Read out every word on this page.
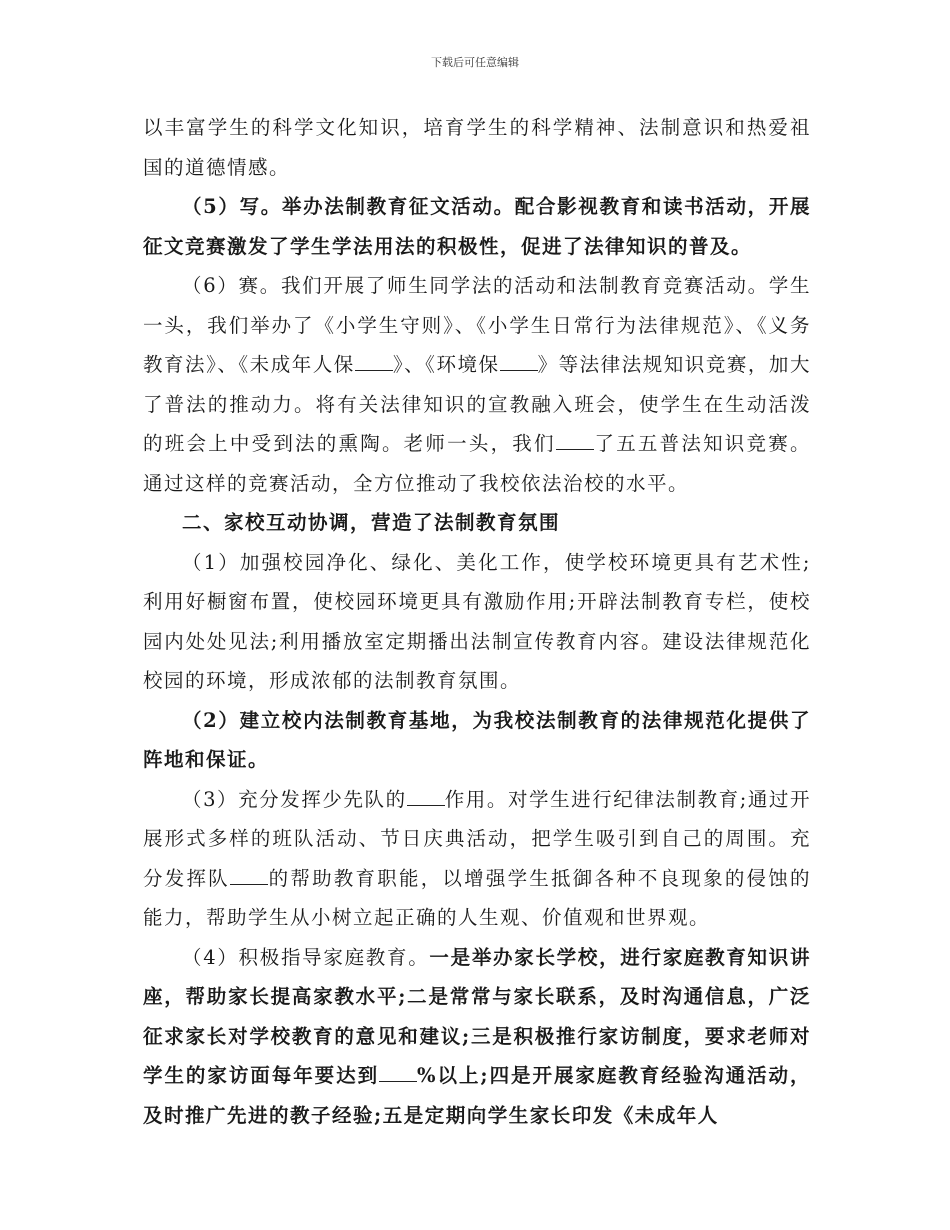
下载后可任意编辑

以丰富学生的科学文化知识，培育学生的科学精神、法制意识和热爱祖国的道德情感。

（5）写。举办法制教育征文活动。配合影视教育和读书活动，开展征文竞赛激发了学生学法用法的积极性，促进了法律知识的普及。

（6）赛。我们开展了师生同学法的活动和法制教育竞赛活动。学生一头，我们举办了《小学生守则》、《小学生日常行为法律规范》、《义务教育法》、《未成年人保 》、《环境保 》等法律法规知识竞赛，加大了普法的推动力。将有关法律知识的宣教融入班会，使学生在生动活泼的班会上中受到法的熏陶。老师一头，我们 了五五普法知识竞赛。通过这样的竞赛活动，全方位推动了我校依法治校的水平。

二、家校互动协调，营造了法制教育氛围

（1）加强校园净化、绿化、美化工作，使学校环境更具有艺术性;利用好橱窗布置，使校园环境更具有激励作用;开辟法制教育专栏，使校园内处处见法;利用播放室定期播出法制宣传教育内容。建设法律规范化校园的环境，形成浓郁的法制教育氛围。

（2）建立校内法制教育基地，为我校法制教育的法律规范化提供了阵地和保证。

（3）充分发挥少先队的 作用。对学生进行纪律法制教育;通过开展形式多样的班队活动、节日庆典活动，把学生吸引到自己的周围。充分发挥队 的帮助教育职能，以增强学生抵御各种不良现象的侵蚀的能力，帮助学生从小树立起正确的人生观、价值观和世界观。

（4）积极指导家庭教育。一是举办家长学校，进行家庭教育知识讲座，帮助家长提高家教水平;二是常常与家长联系，及时沟通信息，广泛征求家长对学校教育的意见和建议;三是积极推行家访制度，要求老师对学生的家访面每年要达到 %以上;四是开展家庭教育经验沟通活动，及时推广先进的教子经验;五是定期向学生家长印发《未成年人
